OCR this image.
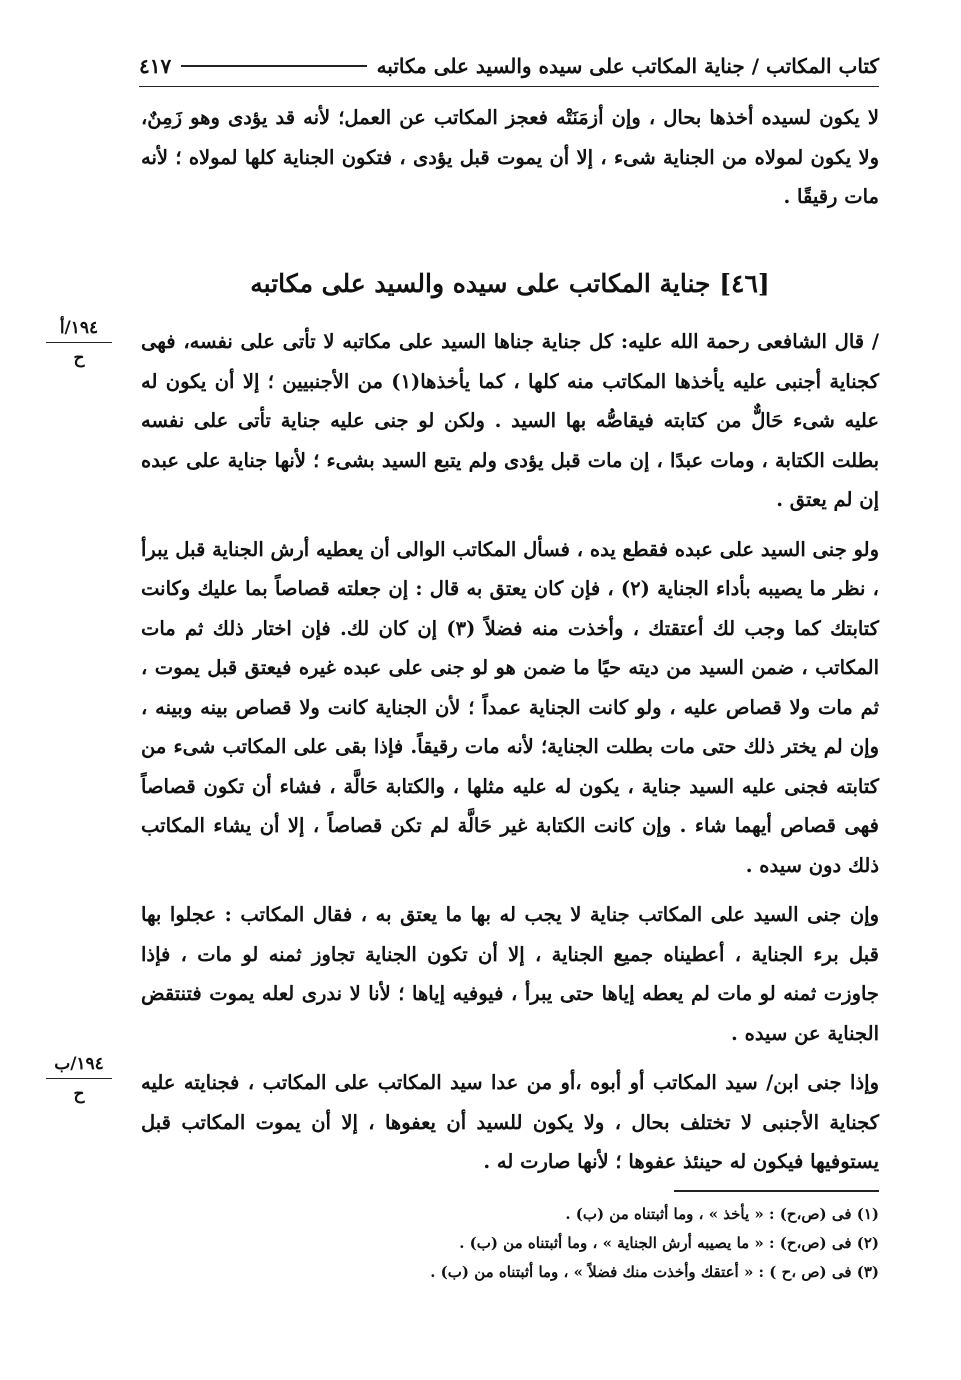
كتاب المكاتب / جناية المكاتب على سيده والسيد على مكاتبه
٤١٧

لا يكون لسيده أخذها بحال ، وإن أزمَنَتْه فعجز المكاتب عن العمل؛ لأنه قد يؤدى وهو زَمِنٌ، ولا يكون لمولاه من الجناية شىء ، إلا أن يموت قبل يؤدى ، فتكون الجناية كلها لمولاه ؛ لأنه مات رقيقًا .

[٤٦] جناية المكاتب على سيده والسيد على مكاتبه

/ قال الشافعى رحمة الله عليه: كل جناية جناها السيد على مكاتبه لا تأتى على نفسه، فهى كجناية أجنبى عليه يأخذها المكاتب منه كلها ، كما يأخذها(١) من الأجنبيين ؛ إلا أن يكون له عليه شىء حَالٌّ من كتابته فيقاصُّه بها السيد . ولكن لو جنى عليه جناية تأتى على نفسه بطلت الكتابة ، ومات عبدًا ، إن مات قبل يؤدى ولم يتبع السيد بشىء ؛ لأنها جناية على عبده إن لم يعتق .

ولو جنى السيد على عبده فقطع يده ، فسأل المكاتب الوالى أن يعطيه أرش الجناية قبل يبرأ ، نظر ما يصيبه بأداء الجناية (٢) ، فإن كان يعتق به قال : إن جعلته قصاصاً بما عليك وكانت كتابتك كما وجب لك أعتقتك ، وأخذت منه فضلاً (٣) إن كان لك. فإن اختار ذلك ثم مات المكاتب ، ضمن السيد من ديته حيًا ما ضمن هو لو جنى على عبده غيره فيعتق قبل يموت ، ثم مات ولا قصاص عليه ، ولو كانت الجناية عمداً ؛ لأن الجناية كانت ولا قصاص بينه وبينه ، وإن لم يختر ذلك حتى مات بطلت الجناية؛ لأنه مات رقيقاً. فإذا بقى على المكاتب شىء من كتابته فجنى عليه السيد جناية ، يكون له عليه مثلها ، والكتابة حَالَّة ، فشاء أن تكون قصاصاً فهى قصاص أيهما شاء . وإن كانت الكتابة غير حَالَّة لم تكن قصاصاً ، إلا أن يشاء المكاتب ذلك دون سيده .

وإن جنى السيد على المكاتب جناية لا يجب له بها ما يعتق به ، فقال المكاتب : عجلوا بها قبل برء الجناية ، أعطيناه جميع الجناية ، إلا أن تكون الجناية تجاوز ثمنه لو مات ، فإذا جاوزت ثمنه لو مات لم يعطه إياها حتى يبرأ ، فيوفيه إياها ؛ لأنا لا ندرى لعله يموت فتنتقض الجناية عن سيده .

وإذا جنى ابن/ سيد المكاتب أو أبوه ،أو من عدا سيد المكاتب على المكاتب ، فجنايته عليه كجناية الأجنبى لا تختلف بحال ، ولا يكون للسيد أن يعفوها ، إلا أن يموت المكاتب قبل يستوفيها فيكون له حينئذ عفوها ؛ لأنها صارت له .

١٩٤/أ
ح
١٩٤/ب
ح

(١) فى (ص،ح) : « يأخذ » ، وما أثبتناه من (ب) .

(٢) فى (ص،ح) : « ما يصيبه أرش الجناية » ، وما أثبتناه من (ب) .

(٣) فى (ص ،ح ) : « أعتقك وأخذت منك فضلاً » ، وما أثبتناه من (ب) .
